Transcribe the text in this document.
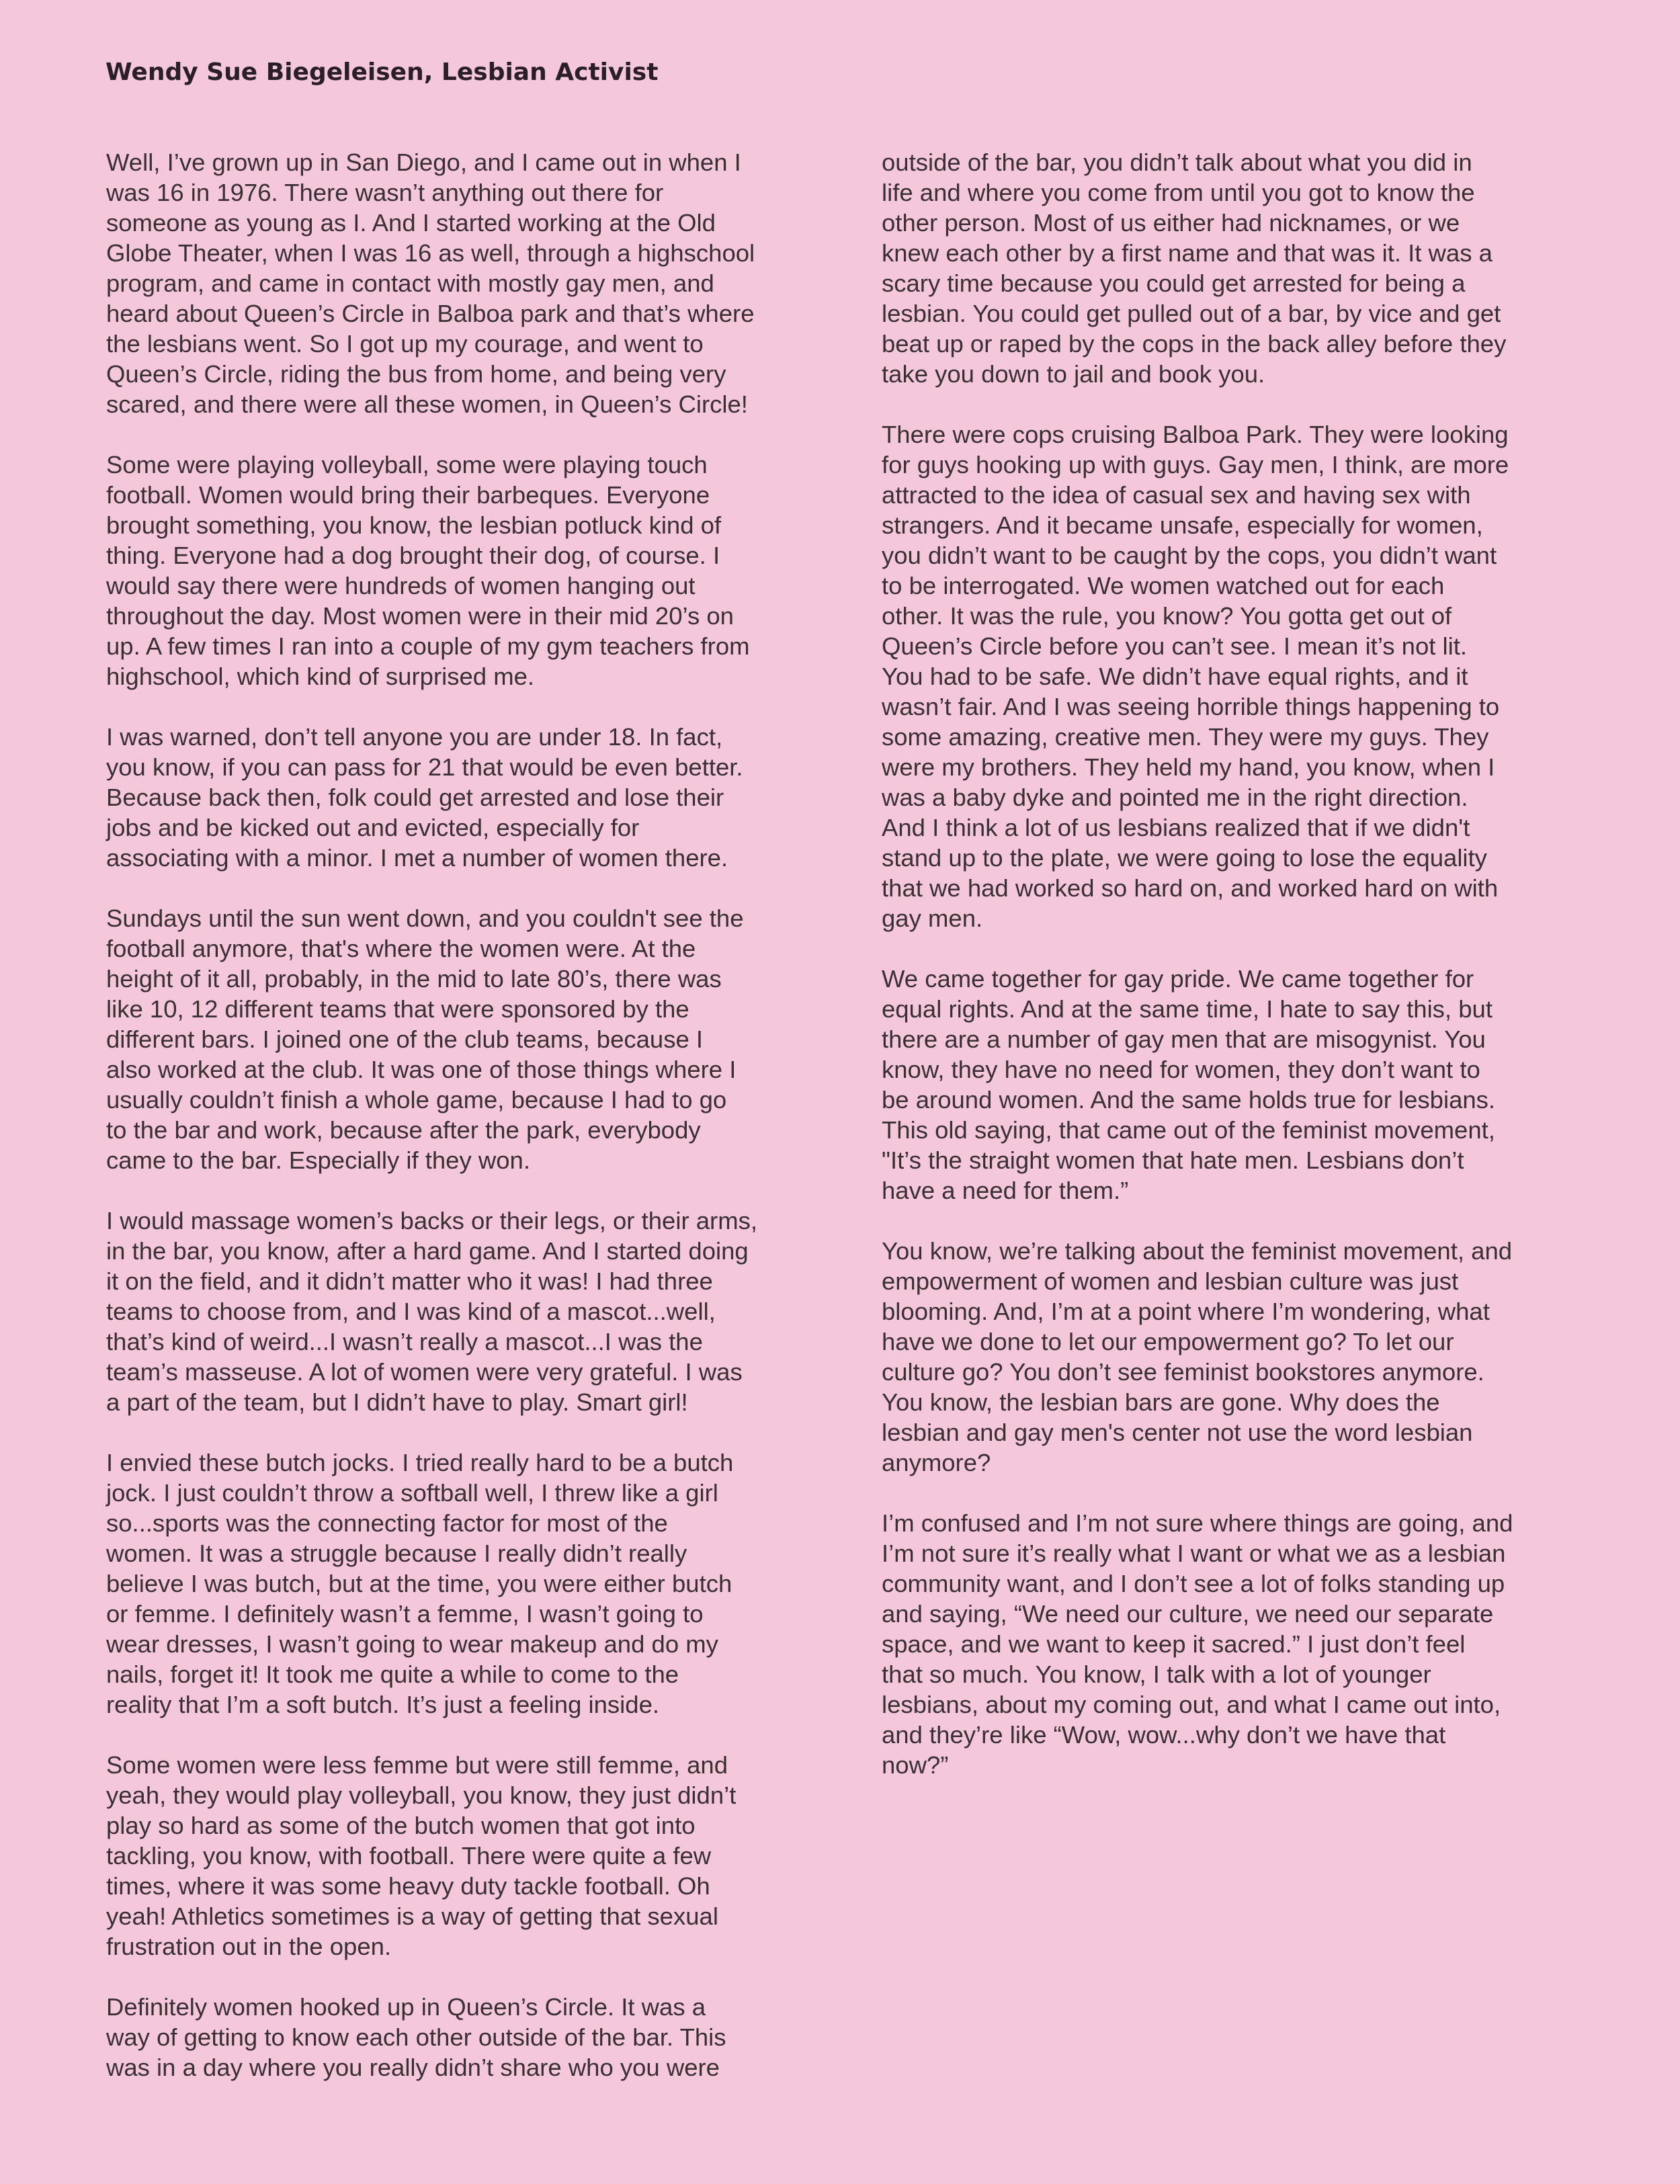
Wendy Sue Biegeleisen, Lesbian Activist

Well, I’ve grown up in San Diego, and I came out in when I
was 16 in 1976. There wasn’t anything out there for
someone as young as I. And I started working at the Old
Globe Theater, when I was 16 as well, through a highschool
program, and came in contact with mostly gay men, and
heard about Queen’s Circle in Balboa park and that’s where
the lesbians went. So I got up my courage, and went to
Queen’s Circle, riding the bus from home, and being very
scared, and there were all these women, in Queen’s Circle!

Some were playing volleyball, some were playing touch
football. Women would bring their barbeques. Everyone
brought something, you know, the lesbian potluck kind of
thing. Everyone had a dog brought their dog, of course. I
would say there were hundreds of women hanging out
throughout the day. Most women were in their mid 20’s on
up. A few times I ran into a couple of my gym teachers from
highschool, which kind of surprised me.

I was warned, don’t tell anyone you are under 18. In fact,
you know, if you can pass for 21 that would be even better.
Because back then, folk could get arrested and lose their
jobs and be kicked out and evicted, especially for
associating with a minor. I met a number of women there.

Sundays until the sun went down, and you couldn't see the
football anymore, that's where the women were. At the
height of it all, probably, in the mid to late 80’s, there was
like 10, 12 different teams that were sponsored by the
different bars. I joined one of the club teams, because I
also worked at the club. It was one of those things where I
usually couldn’t finish a whole game, because I had to go
to the bar and work, because after the park, everybody
came to the bar. Especially if they won.

I would massage women’s backs or their legs, or their arms,
in the bar, you know, after a hard game. And I started doing
it on the field, and it didn’t matter who it was! I had three
teams to choose from, and I was kind of a mascot...well,
that’s kind of weird...I wasn’t really a mascot...I was the
team’s masseuse. A lot of women were very grateful. I was
a part of the team, but I didn’t have to play. Smart girl!

I envied these butch jocks. I tried really hard to be a butch
jock. I just couldn’t throw a softball well, I threw like a girl
so...sports was the connecting factor for most of the
women. It was a struggle because I really didn’t really
believe I was butch, but at the time, you were either butch
or femme. I definitely wasn’t a femme, I wasn’t going to
wear dresses, I wasn’t going to wear makeup and do my
nails, forget it! It took me quite a while to come to the
reality that I’m a soft butch. It’s just a feeling inside.

Some women were less femme but were still femme, and
yeah, they would play volleyball, you know, they just didn’t
play so hard as some of the butch women that got into
tackling, you know, with football. There were quite a few
times, where it was some heavy duty tackle football. Oh
yeah! Athletics sometimes is a way of getting that sexual
frustration out in the open.

Definitely women hooked up in Queen’s Circle. It was a
way of getting to know each other outside of the bar. This
was in a day where you really didn’t share who you were

outside of the bar, you didn’t talk about what you did in
life and where you come from until you got to know the
other person. Most of us either had nicknames, or we
knew each other by a first name and that was it. It was a
scary time because you could get arrested for being a
lesbian. You could get pulled out of a bar, by vice and get
beat up or raped by the cops in the back alley before they
take you down to jail and book you.

There were cops cruising Balboa Park. They were looking
for guys hooking up with guys. Gay men, I think, are more
attracted to the idea of casual sex and having sex with
strangers. And it became unsafe, especially for women,
you didn’t want to be caught by the cops, you didn’t want
to be interrogated. We women watched out for each
other. It was the rule, you know? You gotta get out of
Queen’s Circle before you can’t see. I mean it’s not lit.
You had to be safe. We didn’t have equal rights, and it
wasn’t fair. And I was seeing horrible things happening to
some amazing, creative men. They were my guys. They
were my brothers. They held my hand, you know, when I
was a baby dyke and pointed me in the right direction.
And I think a lot of us lesbians realized that if we didn't
stand up to the plate, we were going to lose the equality
that we had worked so hard on, and worked hard on with
gay men.

We came together for gay pride. We came together for
equal rights. And at the same time, I hate to say this, but
there are a number of gay men that are misogynist. You
know, they have no need for women, they don’t want to
be around women. And the same holds true for lesbians.
This old saying, that came out of the feminist movement,
"It’s the straight women that hate men. Lesbians don’t
have a need for them.”

You know, we’re talking about the feminist movement, and
empowerment of women and lesbian culture was just
blooming. And, I’m at a point where I’m wondering, what
have we done to let our empowerment go? To let our
culture go? You don’t see feminist bookstores anymore.
You know, the lesbian bars are gone. Why does the
lesbian and gay men's center not use the word lesbian
anymore?

I’m confused and I’m not sure where things are going, and
I’m not sure it’s really what I want or what we as a lesbian
community want, and I don’t see a lot of folks standing up
and saying, “We need our culture, we need our separate
space, and we want to keep it sacred.” I just don’t feel
that so much. You know, I talk with a lot of younger
lesbians, about my coming out, and what I came out into,
and they’re like “Wow, wow...why don’t we have that
now?”
